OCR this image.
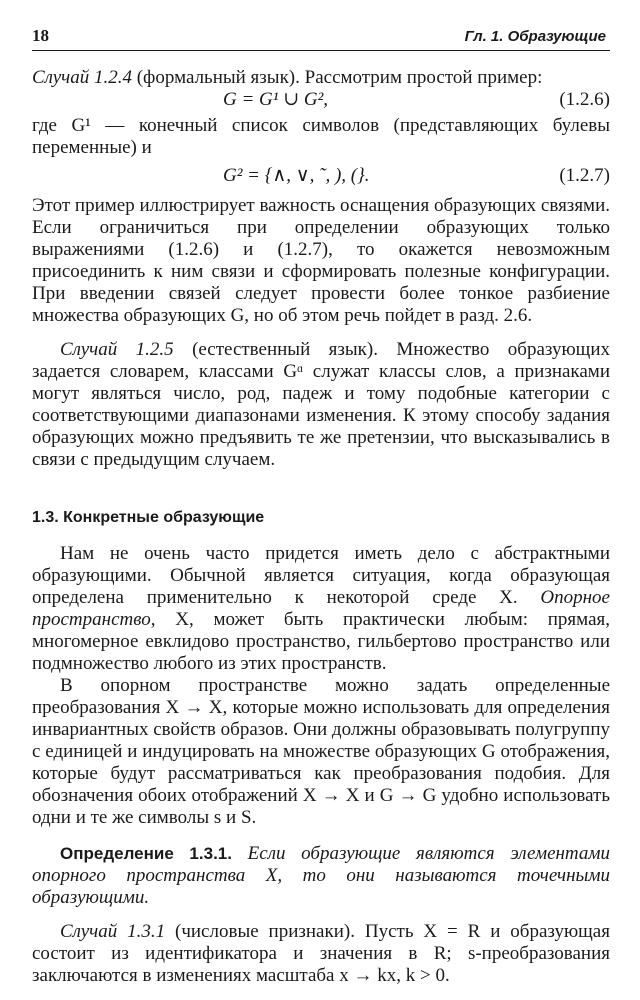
18	Гл. 1. Образующие

Случай 1.2.4 (формальный язык). Рассмотрим простой пример:

G = G¹ ∪ G²,	(1.2.6)

где G¹ — конечный список символов (представляющих булевы переменные) и

G² = {∧, ∨, ˜, ), (}.	(1.2.7)

Этот пример иллюстрирует важность оснащения образующих связями. Если ограничиться при определении образующих только выражениями (1.2.6) и (1.2.7), то окажется невозможным присоединить к ним связи и сформировать полезные конфигурации. При введении связей следует провести более тонкое разбиение множества образующих G, но об этом речь пойдет в разд. 2.6.

Случай 1.2.5 (естественный язык). Множество образующих задается словарем, классами Gᵅ служат классы слов, а признаками могут являться число, род, падеж и тому подобные категории с соответствующими диапазонами изменения. К этому способу задания образующих можно предъявить те же претензии, что высказывались в связи с предыдущим случаем.

1.3. Конкретные образующие

Нам не очень часто придется иметь дело с абстрактными образующими. Обычной является ситуация, когда образующая определена применительно к некоторой среде X. Опорное пространство, X, может быть практически любым: прямая, многомерное евклидово пространство, гильбертово пространство или подмножество любого из этих пространств.

В опорном пространстве можно задать определенные преобразования X → X, которые можно использовать для определения инвариантных свойств образов. Они должны образовывать полугруппу с единицей и индуцировать на множестве образующих G отображения, которые будут рассматриваться как преобразования подобия. Для обозначения обоих отображений X → X и G → G удобно использовать одни и те же символы s и S.

Определение 1.3.1. Если образующие являются элементами опорного пространства X, то они называются точечными образующими.

Случай 1.3.1 (числовые признаки). Пусть X = R и образующая состоит из идентификатора и значения в R; s-преобразования заключаются в изменениях масштаба x → kx, k > 0.
